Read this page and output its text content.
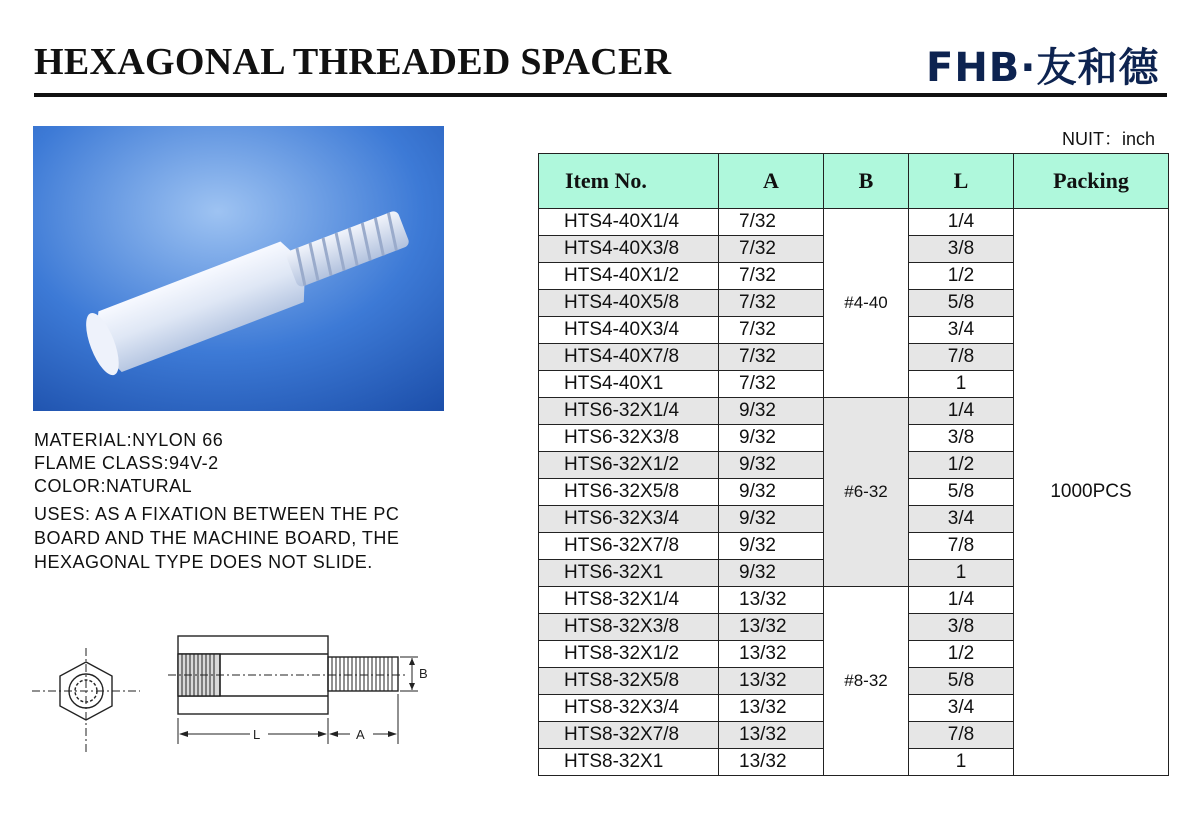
HEXAGONAL THREADED SPACER	FHB·友和德
MATERIAL:NYLON 66
FLAME CLASS:94V-2
COLOR:NATURAL
USES: AS A FIXATION BETWEEN THE PC BOARD AND THE MACHINE BOARD, THE HEXAGONAL TYPE DOES NOT SLIDE.
B
L	A
NUIT：inch
Item No.	A	B	L	Packing
HTS4-40X1/4	7/32	#4-40	1/4	1000PCS
HTS4-40X3/8	7/32		3/8	
HTS4-40X1/2	7/32		1/2	
HTS4-40X5/8	7/32		5/8	
HTS4-40X3/4	7/32		3/4	
HTS4-40X7/8	7/32		7/8	
HTS4-40X1	7/32		1	
HTS6-32X1/4	9/32	#6-32	1/4	
HTS6-32X3/8	9/32		3/8	
HTS6-32X1/2	9/32		1/2	
HTS6-32X5/8	9/32		5/8	
HTS6-32X3/4	9/32		3/4	
HTS6-32X7/8	9/32		7/8	
HTS6-32X1	9/32		1	
HTS8-32X1/4	13/32	#8-32	1/4	
HTS8-32X3/8	13/32		3/8	
HTS8-32X1/2	13/32		1/2	
HTS8-32X5/8	13/32		5/8	
HTS8-32X3/4	13/32		3/4	
HTS8-32X7/8	13/32		7/8	
HTS8-32X1	13/32		1	
